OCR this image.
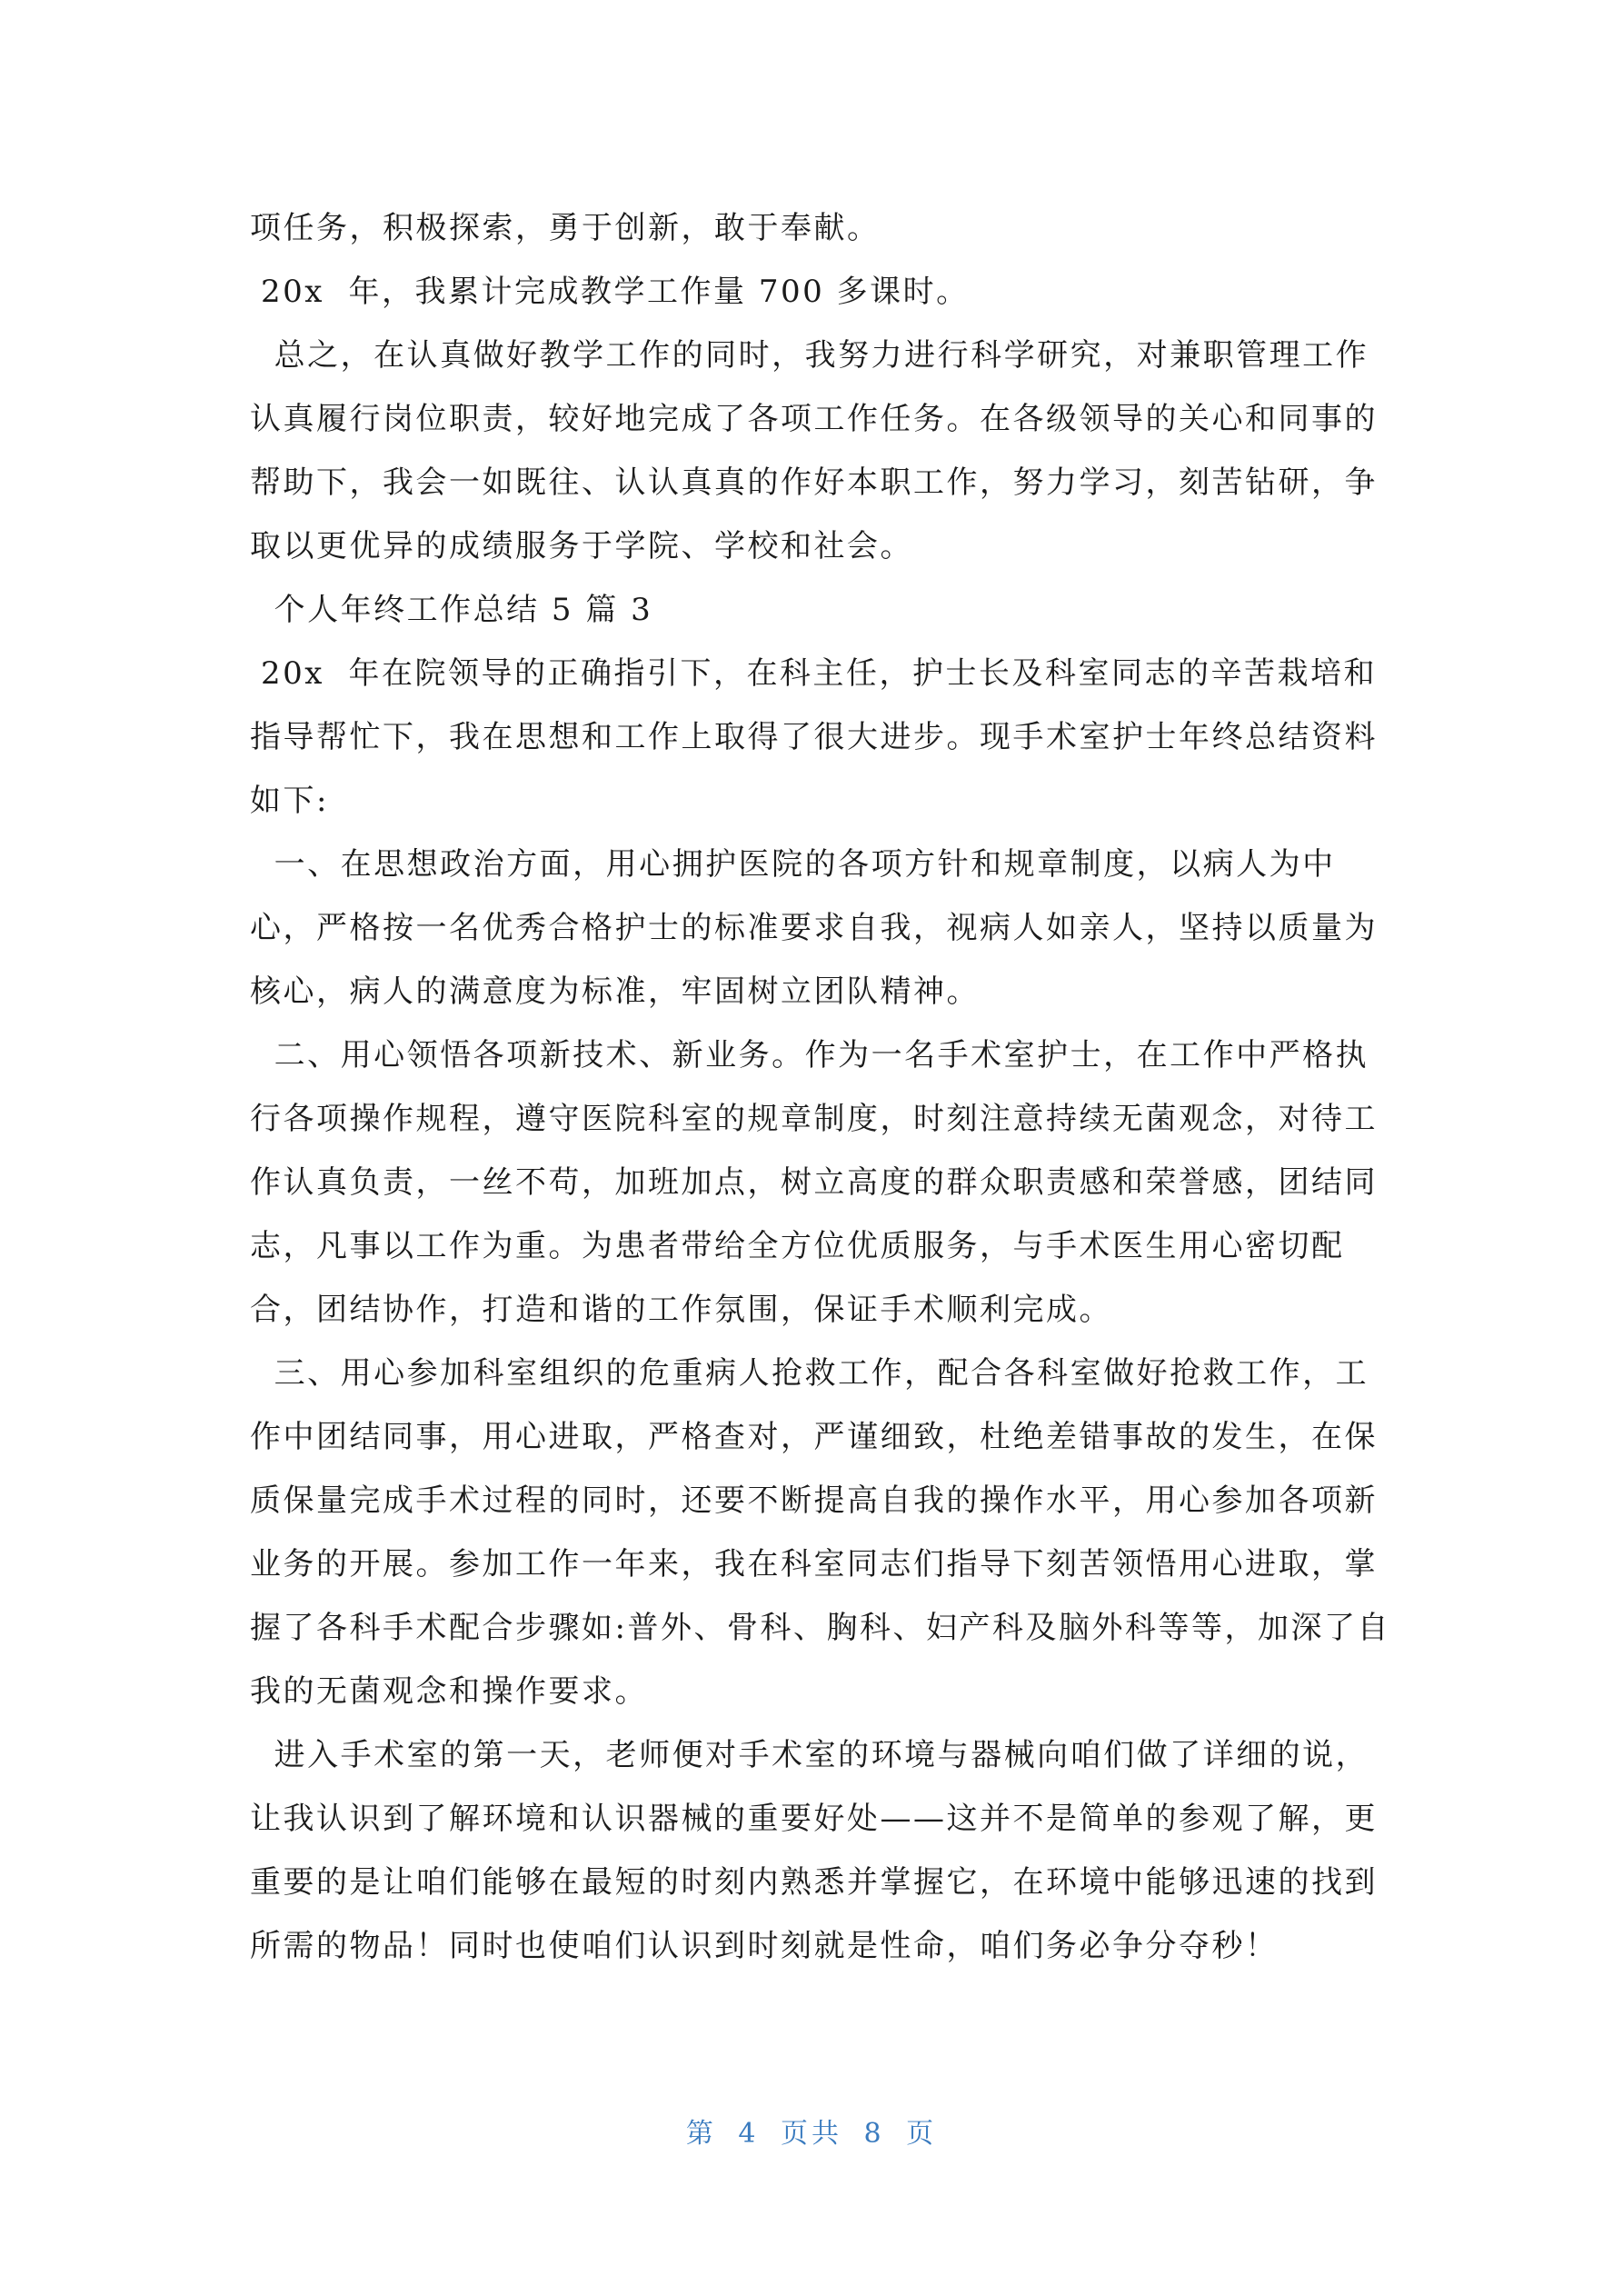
项任务，积极探索，勇于创新，敢于奉献。
20x  年，我累计完成教学工作量 700 多课时。
总之，在认真做好教学工作的同时，我努力进行科学研究，对兼职管理工作
认真履行岗位职责，较好地完成了各项工作任务。在各级领导的关心和同事的
帮助下，我会一如既往、认认真真的作好本职工作，努力学习，刻苦钻研，争
取以更优异的成绩服务于学院、学校和社会。
个人年终工作总结 5 篇 3
20x  年在院领导的正确指引下，在科主任，护士长及科室同志的辛苦栽培和
指导帮忙下，我在思想和工作上取得了很大进步。现手术室护士年终总结资料
如下:
一、在思想政治方面，用心拥护医院的各项方针和规章制度，以病人为中
心，严格按一名优秀合格护士的标准要求自我，视病人如亲人，坚持以质量为
核心，病人的满意度为标准，牢固树立团队精神。
二、用心领悟各项新技术、新业务。作为一名手术室护士，在工作中严格执
行各项操作规程，遵守医院科室的规章制度，时刻注意持续无菌观念，对待工
作认真负责，一丝不苟，加班加点，树立高度的群众职责感和荣誉感，团结同
志，凡事以工作为重。为患者带给全方位优质服务，与手术医生用心密切配
合，团结协作，打造和谐的工作氛围，保证手术顺利完成。
三、用心参加科室组织的危重病人抢救工作，配合各科室做好抢救工作，工
作中团结同事，用心进取，严格查对，严谨细致，杜绝差错事故的发生，在保
质保量完成手术过程的同时，还要不断提高自我的操作水平，用心参加各项新
业务的开展。参加工作一年来，我在科室同志们指导下刻苦领悟用心进取，掌
握了各科手术配合步骤如:普外、骨科、胸科、妇产科及脑外科等等，加深了自
我的无菌观念和操作要求。
进入手术室的第一天，老师便对手术室的环境与器械向咱们做了详细的说，
让我认识到了解环境和认识器械的重要好处——这并不是简单的参观了解，更
重要的是让咱们能够在最短的时刻内熟悉并掌握它，在环境中能够迅速的找到
所需的物品！同时也使咱们认识到时刻就是性命，咱们务必争分夺秒！
第 4 页共 8 页
